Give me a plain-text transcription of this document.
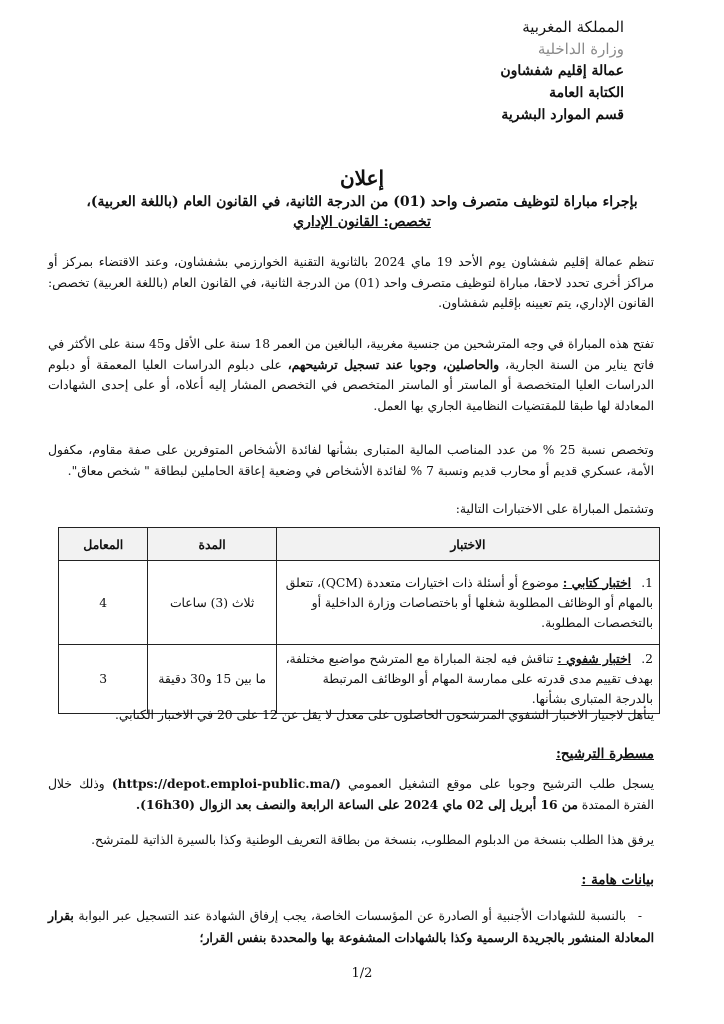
المملكة المغربية
وزارة الداخلية
عمالة إقليم شفشاون
الكتابة العامة
قسم الموارد البشرية
إعلان
بإجراء مباراة لتوظيف متصرف واحد (01) من الدرجة الثانية، في القانون العام (باللغة العربية)،
تخصص: القانون الإداري
تنظم عمالة إقليم شفشاون يوم الأحد 19 ماي 2024 بالثانوية التقنية الخوارزمي بشفشاون، وعند الاقتضاء بمركز أو مراكز أخرى تحدد لاحقا، مباراة لتوظيف متصرف واحد (01) من الدرجة الثانية، في القانون العام (باللغة العربية) تخصص: القانون الإداري، يتم تعيينه بإقليم شفشاون.
تفتح هذه المباراة في وجه المترشحين من جنسية مغربية، البالغين من العمر 18 سنة على الأقل و45 سنة على الأكثر في فاتح يناير من السنة الجارية، والحاصلين، وجوبا عند تسجيل ترشيحهم، على دبلوم الدراسات العليا المعمقة أو دبلوم الدراسات العليا المتخصصة أو الماستر أو الماستر المتخصص في التخصص المشار إليه أعلاه، أو على إحدى الشهادات المعادلة لها طبقا للمقتضيات النظامية الجاري بها العمل.
وتخصص نسبة 25 % من عدد المناصب المالية المتبارى بشأنها لفائدة الأشخاص المتوفرين على صفة مقاوم، مكفول الأمة، عسكري قديم أو محارب قديم ونسبة 7 % لفائدة الأشخاص في وضعية إعاقة الحاملين لبطاقة " شخص معاق".
وتشتمل المباراة على الاختبارات التالية:
الاختبار	المدة	المعامل
1.اختبار كتابي : موضوع أو أسئلة ذات اختيارات متعددة (QCM)، تتعلق بالمهام أو الوظائف المطلوبة شغلها أو باختصاصات وزارة الداخلية أو بالتخصصات المطلوبة.	ثلاث (3) ساعات	4
2.اختبار شفوي : تناقش فيه لجنة المباراة مع المترشح مواضيع مختلفة، بهدف تقييم مدى قدرته على ممارسة المهام أو الوظائف المرتبطة بالدرجة المتبارى بشأنها.	ما بين 15 و30 دقيقة	3
يتأهل لاجتياز الاختبار الشفوي المترشحون الحاصلون على معدل لا يقل عن 12 على 20 في الاختبار الكتابي.
مسطرة الترشيح:
يسجل طلب الترشيح وجوبا على موقع التشغيل العمومي (https://depot.emploi-public.ma/) وذلك خلال الفترة الممتدة من 16 أبريل إلى 02 ماي 2024 على الساعة الرابعة والنصف بعد الزوال (16h30).
يرفق هذا الطلب بنسخة من الدبلوم المطلوب، بنسخة من بطاقة التعريف الوطنية وكذا بالسيرة الذاتية للمترشح.
بيانات هامة :
-بالنسبة للشهادات الأجنبية أو الصادرة عن المؤسسات الخاصة، يجب إرفاق الشهادة عند التسجيل عبر البوابة بقرار المعادلة المنشور بالجريدة الرسمية وكذا بالشهادات المشفوعة بها والمحددة بنفس القرار؛
1/2
